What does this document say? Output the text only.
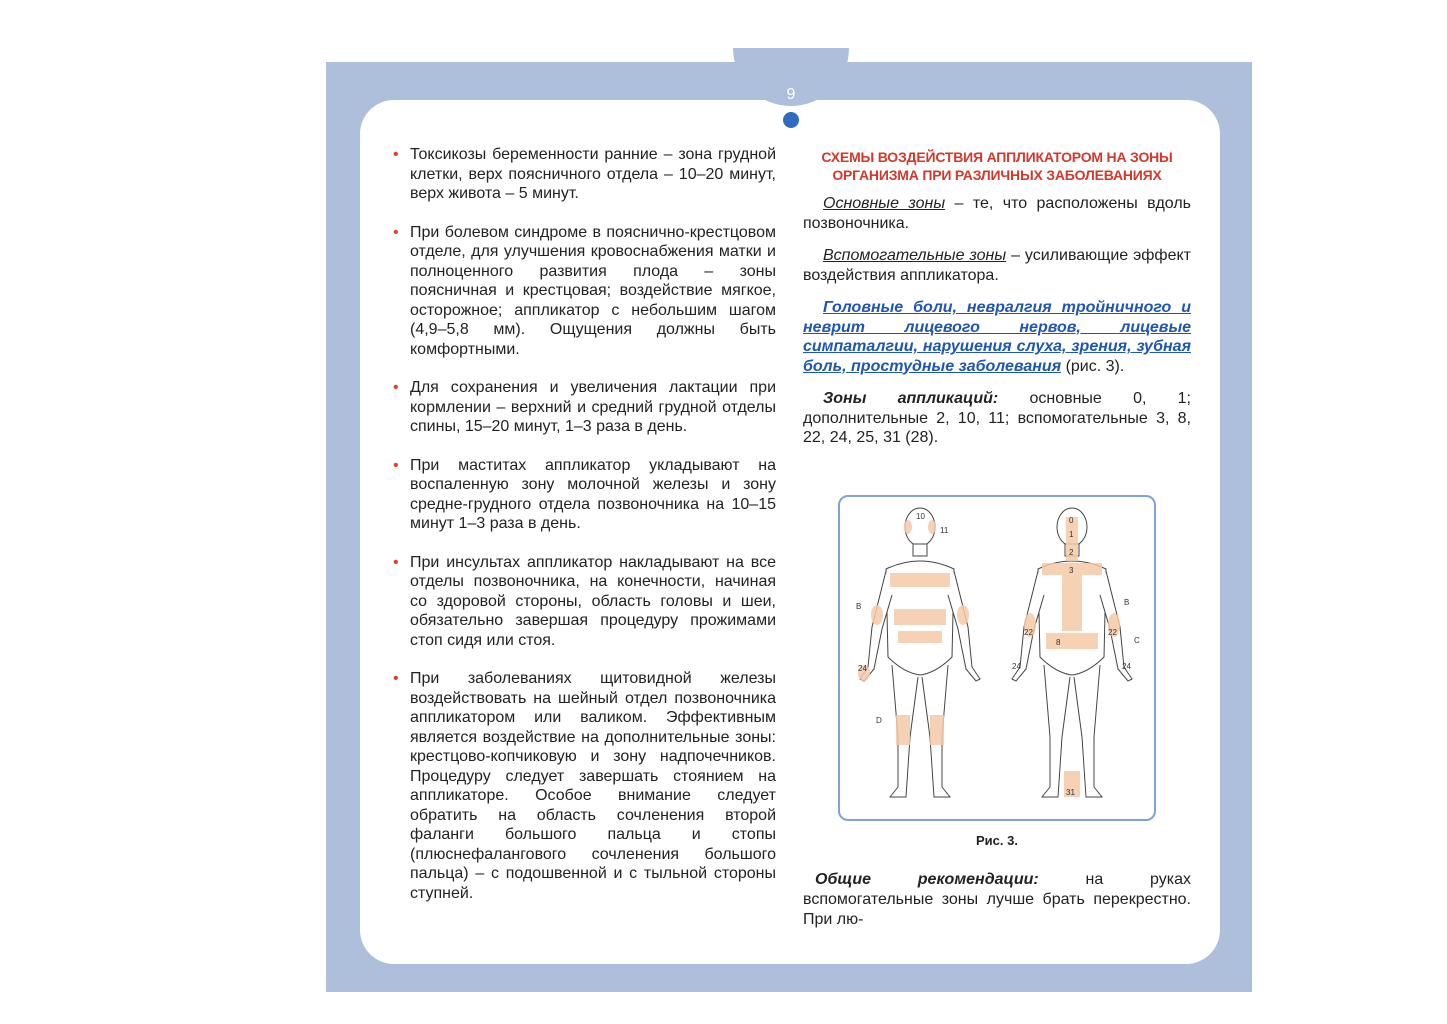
9
• Токсикозы беременности ранние – зона грудной клетки, верх поясничного отдела – 10–20 минут, верх живота – 5 минут.
• При болевом синдроме в пояснично-крестцовом отделе, для улучшения кровоснабжения матки и полноценного развития плода – зоны поясничная и крестцовая; воздействие мягкое, осторожное; аппликатор с небольшим шагом (4,9–5,8 мм). Ощущения должны быть комфортными.
• Для сохранения и увеличения лактации при кормлении – верхний и средний грудной отделы спины, 15–20 минут, 1–3 раза в день.
• При маститах аппликатор укладывают на воспаленную зону молочной железы и зону средне-грудного отдела позвоночника на 10–15 минут 1–3 раза в день.
• При инсультах аппликатор накладывают на все отделы позвоночника, на конечности, начиная со здоровой стороны, область головы и шеи, обязательно завершая процедуру прожимами стоп сидя или стоя.
• При заболеваниях щитовидной железы воздействовать на шейный отдел позвоночника аппликатором или валиком. Эффективным является воздействие на дополнительные зоны: крестцово-копчиковую и зону надпочечников. Процедуру следует завершать стоянием на аппликаторе. Особое внимание следует обратить на область сочленения второй фаланги большого пальца и стопы (плюснефалангового сочленения большого пальца) – с подошвенной и с тыльной стороны ступней.

СХЕМЫ ВОЗДЕЙСТВИЯ АППЛИКАТОРОМ НА ЗОНЫ ОРГАНИЗМА ПРИ РАЗЛИЧНЫХ ЗАБОЛЕВАНИЯХ

Основные зоны – те, что расположены вдоль позвоночника.

Вспомогательные зоны – усиливающие эффект воздействия аппликатора.

Головные боли, невралгия тройничного и неврит лицевого нервов, лицевые симпаталгии, нарушения слуха, зрения, зубная боль, простудные заболевания (рис. 3).

Зоны аппликаций: основные 0, 1; дополнительные 2, 10, 11; вспомогательные 3, 8, 22, 24, 25, 31 (28).

10
11
B
D
24
0
1
2
3
B
22	22
8	C
24	24
31
Рис. 3.
Общие рекомендации: на руках вспомогательные зоны лучше брать перекрестно. При лю-
